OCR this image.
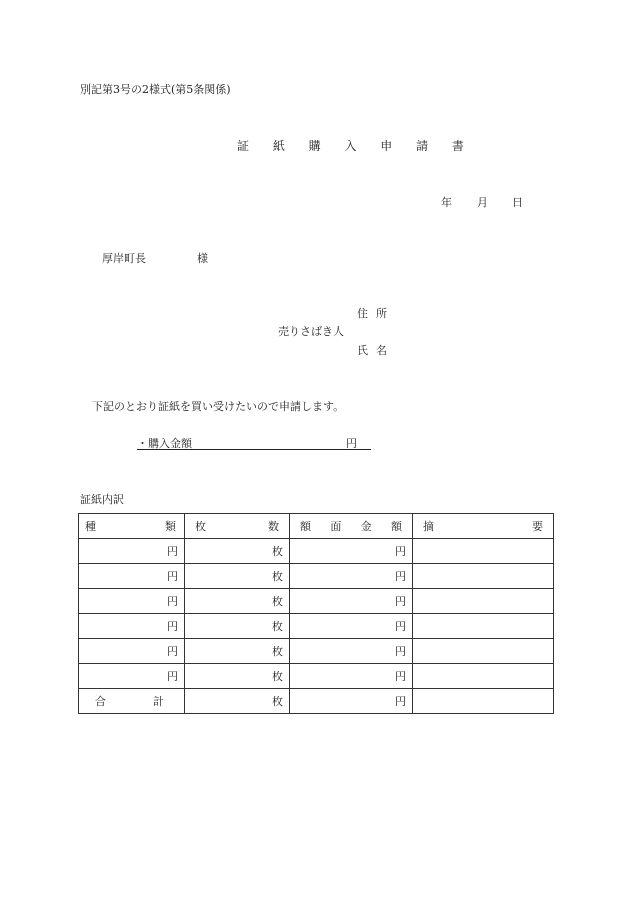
別記第3号の2様式(第5条関係)
証 紙 購 入 申 請 書
年 月 日
厚岸町長	様
住所
売りさばき人
氏名
下記のとおり証紙を買い受けたいので申請します。
・購入金額	円
証紙内訳
種 類	枚 数	額 面 金 額	摘 要

円	枚	円	
円	枚	円	
円	枚	円	
円	枚	円	
円	枚	円	
円	枚	円	

合 計	枚	円	
